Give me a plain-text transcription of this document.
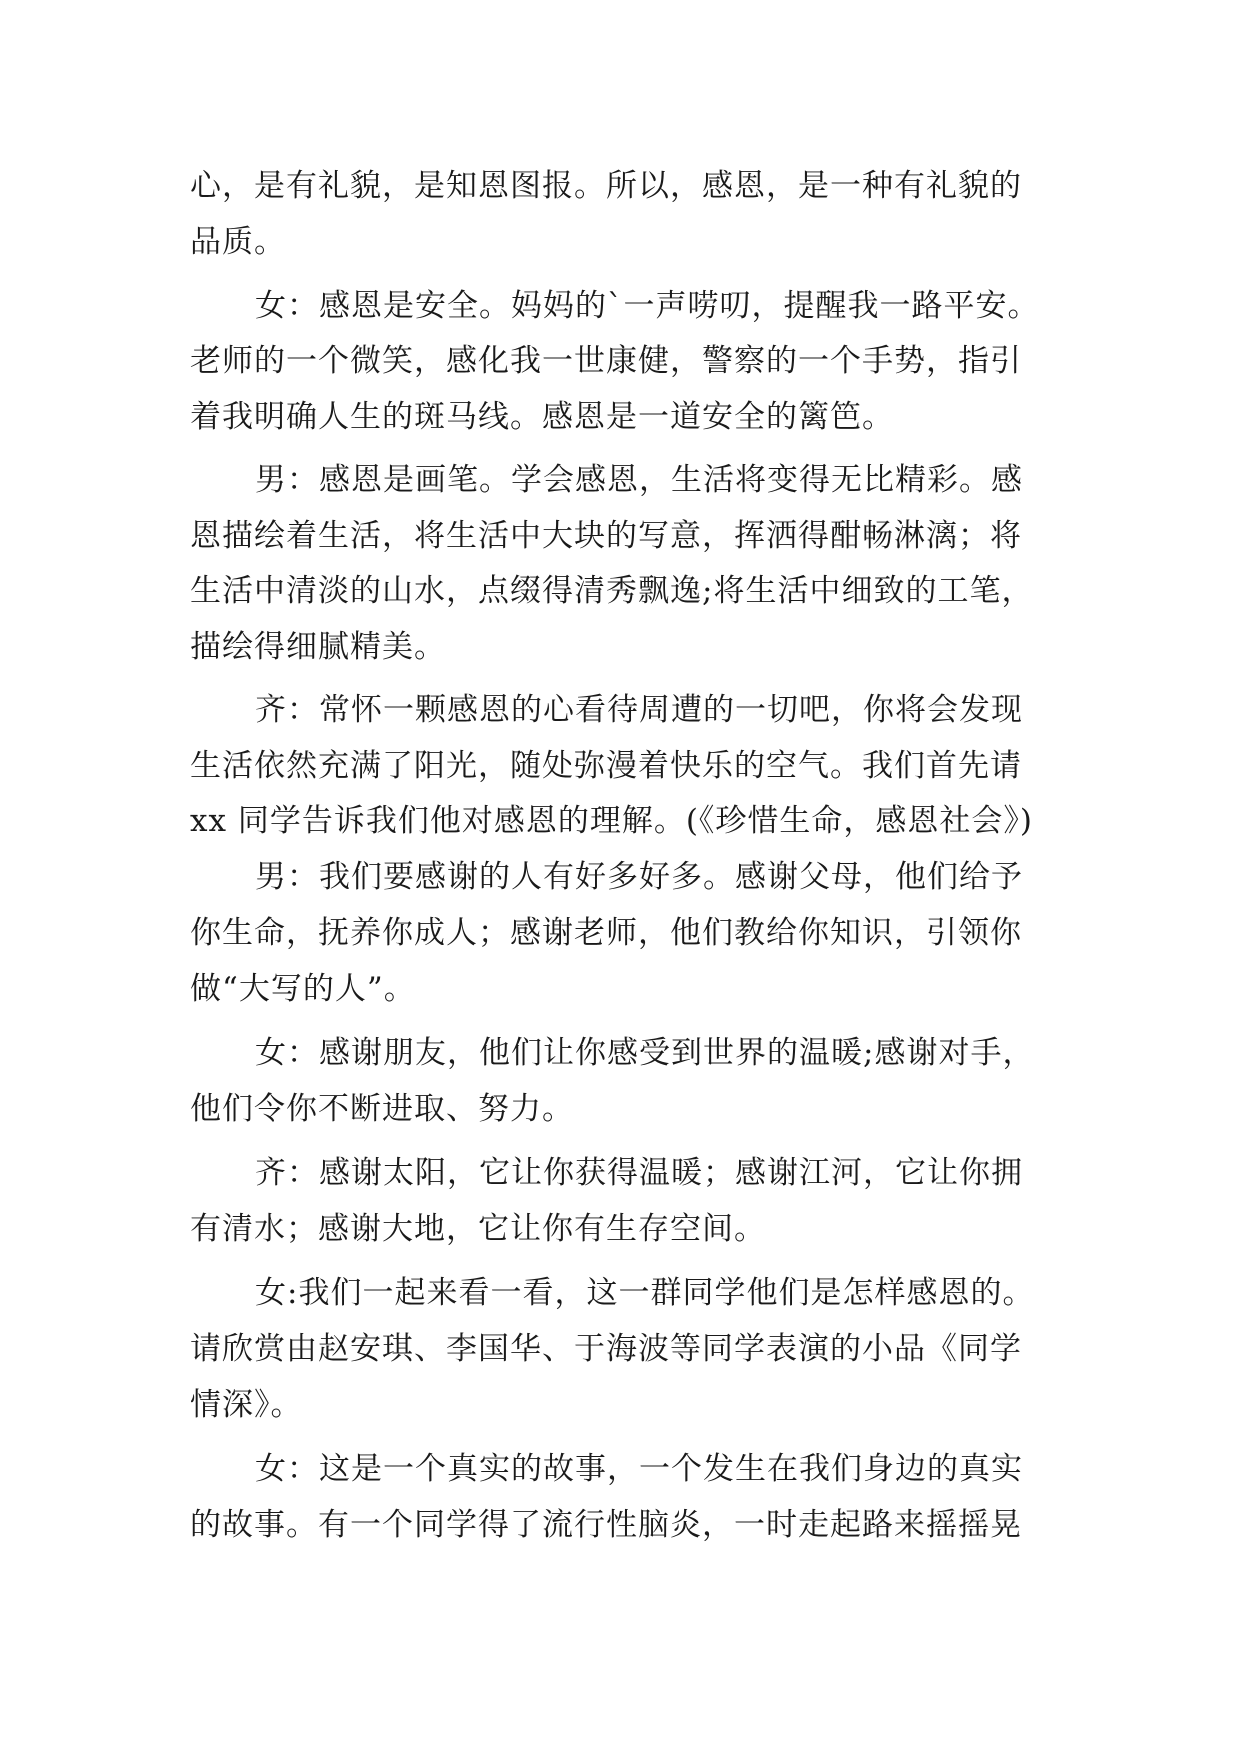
心，是有礼貌，是知恩图报。所以，感恩，是一种有礼貌的
品质。
女：感恩是安全。妈妈的`一声唠叨，提醒我一路平安。
老师的一个微笑，感化我一世康健，警察的一个手势，指引
着我明确人生的斑马线。感恩是一道安全的篱笆。
男：感恩是画笔。学会感恩，生活将变得无比精彩。感
恩描绘着生活，将生活中大块的写意，挥洒得酣畅淋漓；将
生活中清淡的山水，点缀得清秀飘逸;将生活中细致的工笔，
描绘得细腻精美。
齐：常怀一颗感恩的心看待周遭的一切吧，你将会发现
生活依然充满了阳光，随处弥漫着快乐的空气。我们首先请
xx 同学告诉我们他对感恩的理解。(《珍惜生命，感恩社会》)
男：我们要感谢的人有好多好多。感谢父母，他们给予
你生命，抚养你成人；感谢老师，他们教给你知识，引领你
做“大写的人”。
女：感谢朋友，他们让你感受到世界的温暖;感谢对手，
他们令你不断进取、努力。
齐：感谢太阳，它让你获得温暖；感谢江河，它让你拥
有清水；感谢大地，它让你有生存空间。
女:我们一起来看一看，这一群同学他们是怎样感恩的。
请欣赏由赵安琪、李国华、于海波等同学表演的小品《同学
情深》。
女：这是一个真实的故事，一个发生在我们身边的真实
的故事。有一个同学得了流行性脑炎，一时走起路来摇摇晃
